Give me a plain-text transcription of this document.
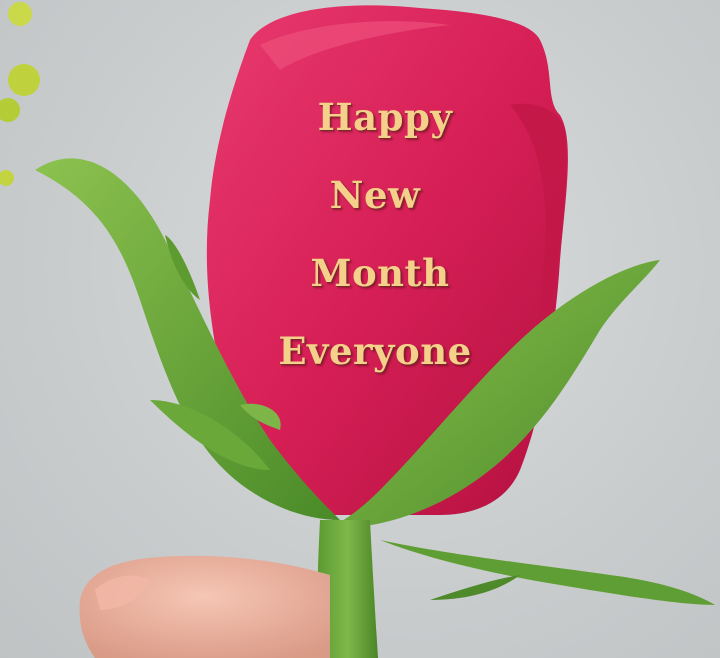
Happy
New
Month
Everyone
